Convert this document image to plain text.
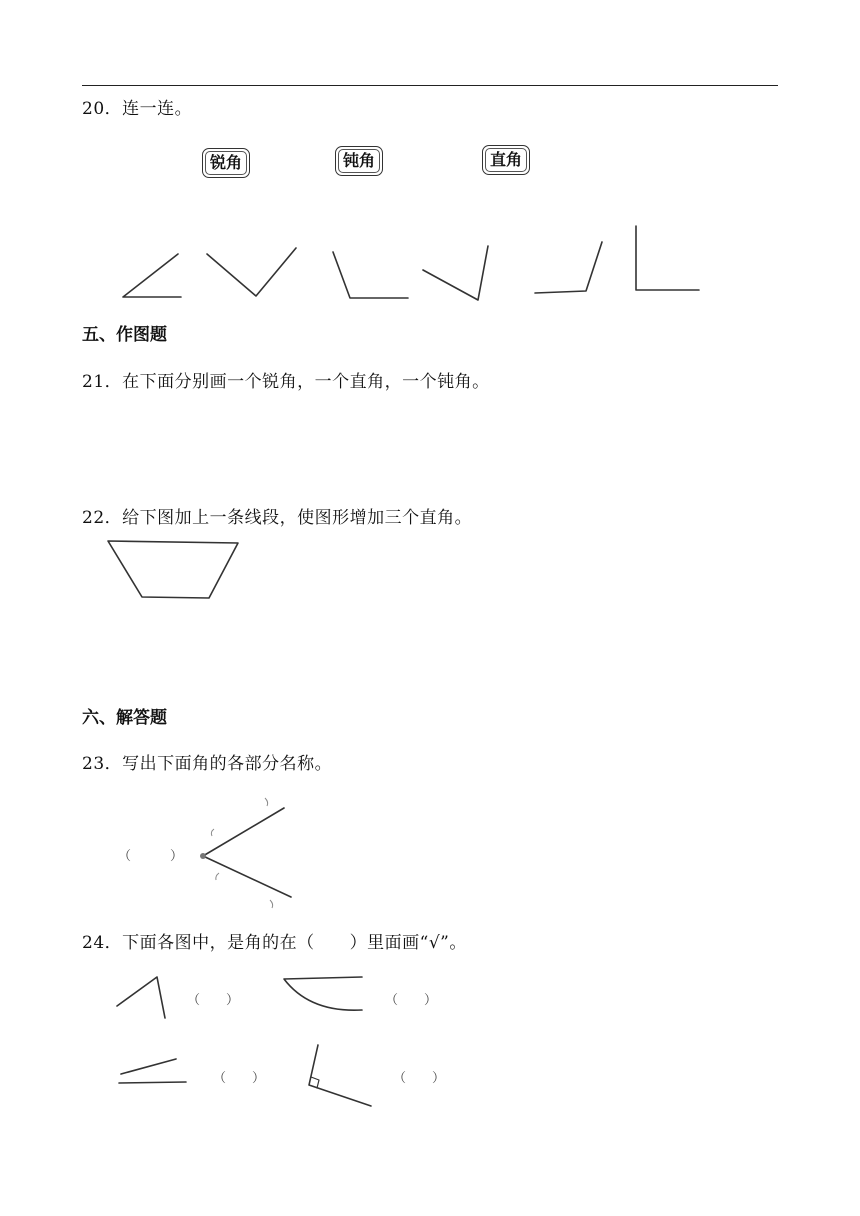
20．连一连。
锐角	钝角	直角
五、作图题
21．在下面分别画一个锐角，一个直角，一个钝角。
22．给下图加上一条线段，使图形增加三个直角。
六、解答题
23．写出下面角的各部分名称。
（　　　）
24．下面各图中，是角的在（　　）里面画“√”。
（　　）	（　　）
（　　）	（　　）
